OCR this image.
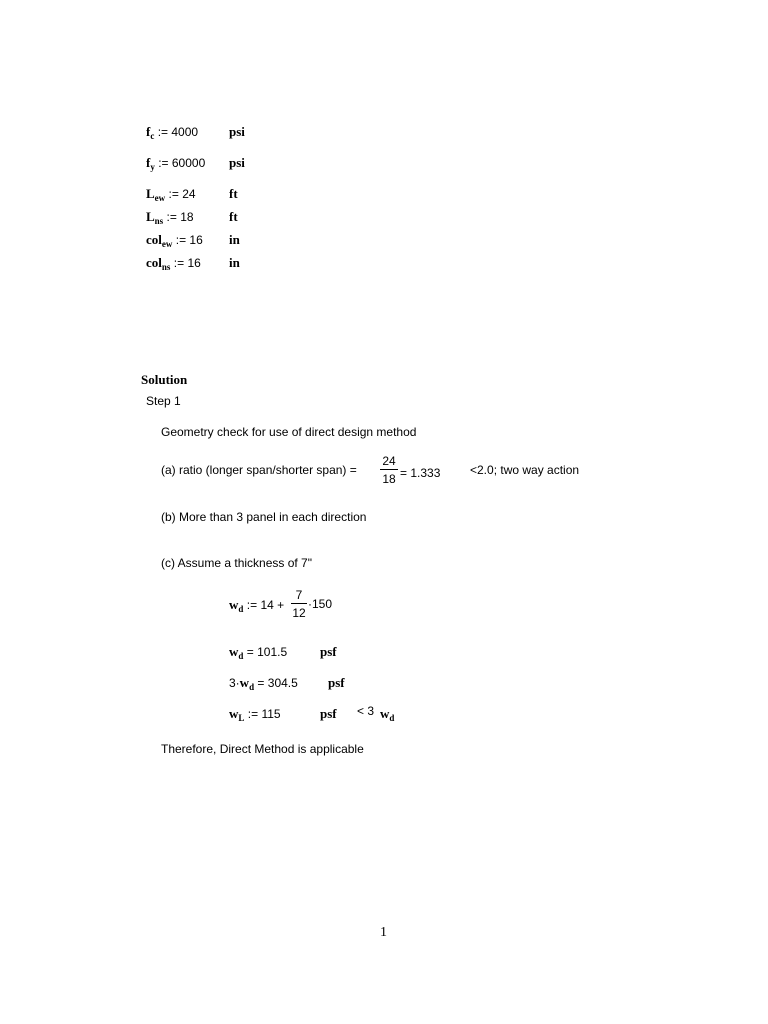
$f_c$ := 4000 psi
$f_y$ := 60000 psi
$L_{ew}$ := 24	ft
$L_{ns}$ := 18	ft
col$_{ew}$ := 16 in
col$_{ns}$ := 16 in
Solution
Step 1
Geometry check for use of direct design method
(a) ratio (longer span/shorter span) =
24
18 = 1.333 <2.0; two way action
(b) More than 3 panel in each direction
(c) Assume a thickness of 7"
$w_d$ := 14 +
7
12
·150
$w_d = 101.5$	psf
$3\cdot w_d = 304.5$ psf
$w_L$ := 115	psf < 3 $w_d$
Therefore, Direct Method is applicable
1
